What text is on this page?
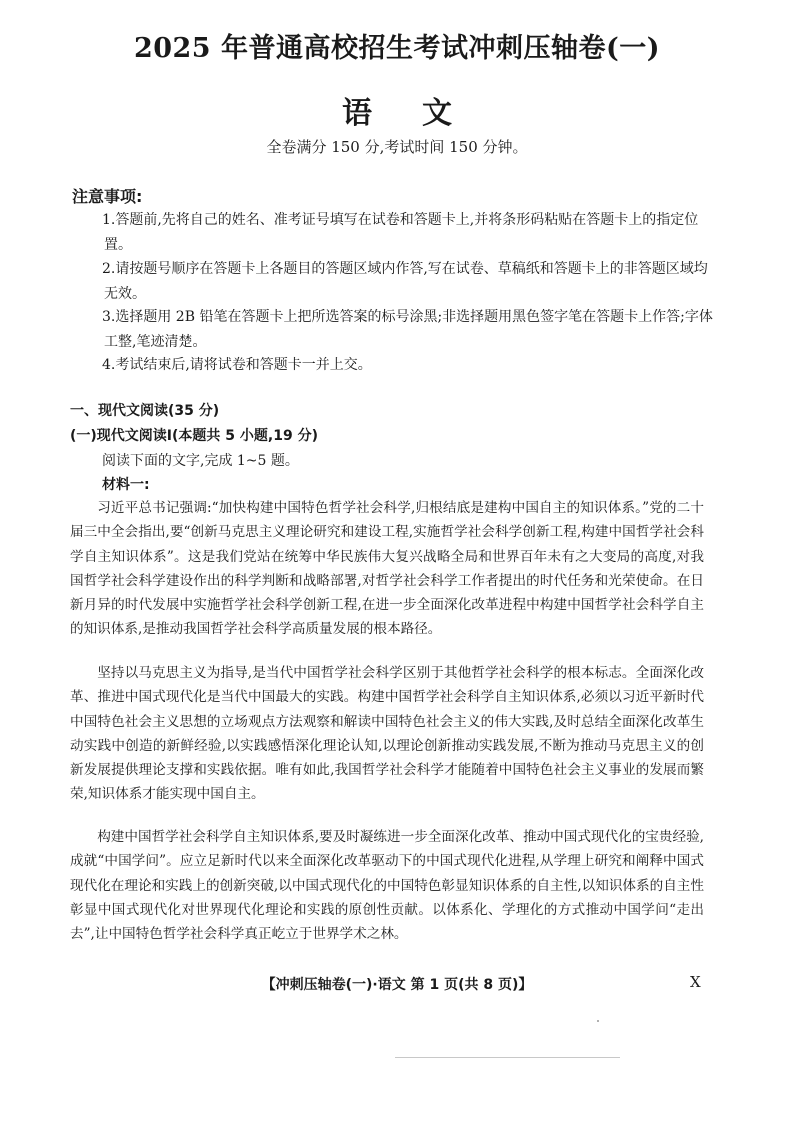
2025 年普通高校招生考试冲刺压轴卷(一)
语文
全卷满分 150 分,考试时间 150 分钟。
注意事项:
1.答题前,先将自己的姓名、准考证号填写在试卷和答题卡上,并将条形码粘贴在答题卡上的指定位置。
2.请按题号顺序在答题卡上各题目的答题区域内作答,写在试卷、草稿纸和答题卡上的非答题区域均无效。
3.选择题用 2B 铅笔在答题卡上把所选答案的标号涂黑;非选择题用黑色签字笔在答题卡上作答;字体工整,笔迹清楚。
4.考试结束后,请将试卷和答题卡一并上交。
一、现代文阅读(35 分)
(一)现代文阅读Ⅰ(本题共 5 小题,19 分)
阅读下面的文字,完成 1~5 题。
材料一:
习近平总书记强调:“加快构建中国特色哲学社会科学,归根结底是建构中国自主的知识体系。”党的二十届三中全会指出,要“创新马克思主义理论研究和建设工程,实施哲学社会科学创新工程,构建中国哲学社会科学自主知识体系”。这是我们党站在统筹中华民族伟大复兴战略全局和世界百年未有之大变局的高度,对我国哲学社会科学建设作出的科学判断和战略部署,对哲学社会科学工作者提出的时代任务和光荣使命。在日新月异的时代发展中实施哲学社会科学创新工程,在进一步全面深化改革进程中构建中国哲学社会科学自主的知识体系,是推动我国哲学社会科学高质量发展的根本路径。
坚持以马克思主义为指导,是当代中国哲学社会科学区别于其他哲学社会科学的根本标志。全面深化改革、推进中国式现代化是当代中国最大的实践。构建中国哲学社会科学自主知识体系,必须以习近平新时代中国特色社会主义思想的立场观点方法观察和解读中国特色社会主义的伟大实践,及时总结全面深化改革生动实践中创造的新鲜经验,以实践感悟深化理论认知,以理论创新推动实践发展,不断为推动马克思主义的创新发展提供理论支撑和实践依据。唯有如此,我国哲学社会科学才能随着中国特色社会主义事业的发展而繁荣,知识体系才能实现中国自主。
构建中国哲学社会科学自主知识体系,要及时凝练进一步全面深化改革、推动中国式现代化的宝贵经验,成就“中国学问”。应立足新时代以来全面深化改革驱动下的中国式现代化进程,从学理上研究和阐释中国式现代化在理论和实践上的创新突破,以中国式现代化的中国特色彰显知识体系的自主性,以知识体系的自主性彰显中国式现代化对世界现代化理论和实践的原创性贡献。以体系化、学理化的方式推动中国学问“走出去”,让中国特色哲学社会科学真正屹立于世界学术之林。
【冲刺压轴卷(一)·语文 第 1 页(共 8 页)】	X
